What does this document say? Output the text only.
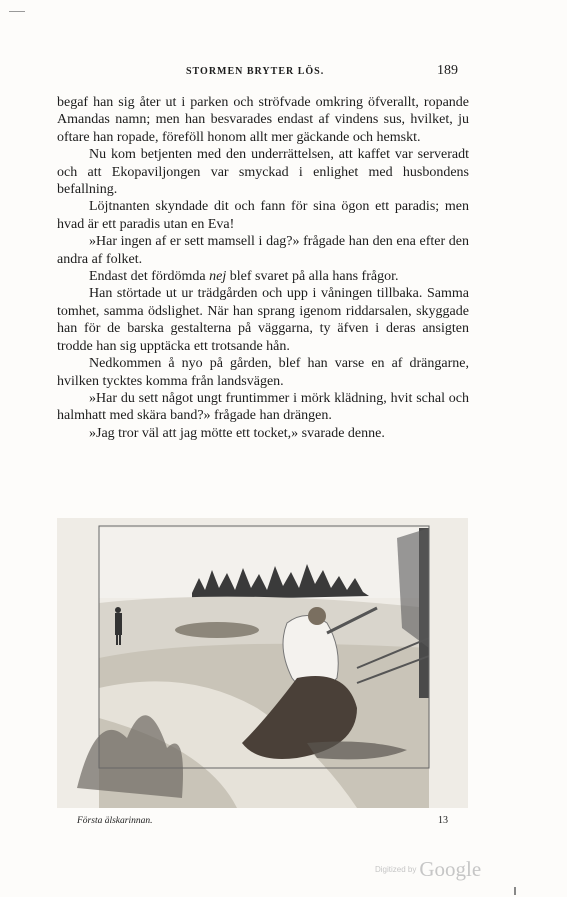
STORMEN BRYTER LÖS.	189

begaf han sig åter ut i parken och ströfvade omkring öfverallt, ropande Amandas namn; men han besvarades endast af vindens sus, hvilket, ju oftare han ropade, föreföll honom allt mer gäckande och hemskt.

Nu kom betjenten med den underrättelsen, att kaffet var serveradt och att Ekopaviljongen var smyckad i enlighet med husbondens befallning.

Löjtnanten skyndade dit och fann för sina ögon ett paradis; men hvad är ett paradis utan en Eva!

»Har ingen af er sett mamsell i dag?» frågade han den ena efter den andra af folket.

Endast det fördömda nej blef svaret på alla hans frågor.

Han störtade ut ur trädgården och upp i våningen tillbaka. Samma tomhet, samma ödslighet. När han sprang igenom riddarsalen, skyggade han för de barska gestalterna på väggarna, ty äfven i deras ansigten trodde han sig upptäcka ett trotsande hån.

Nedkommen å nyo på gården, blef han varse en af drängarne, hvilken tycktes komma från landsvägen.

»Har du sett något ungt fruntimmer i mörk klädning, hvit schal och halmhatt med skära band?» frågade han drängen.

»Jag tror väl att jag mötte ett tocket,» svarade denne.

Första älskarinnan.	13
Digitized by Google
